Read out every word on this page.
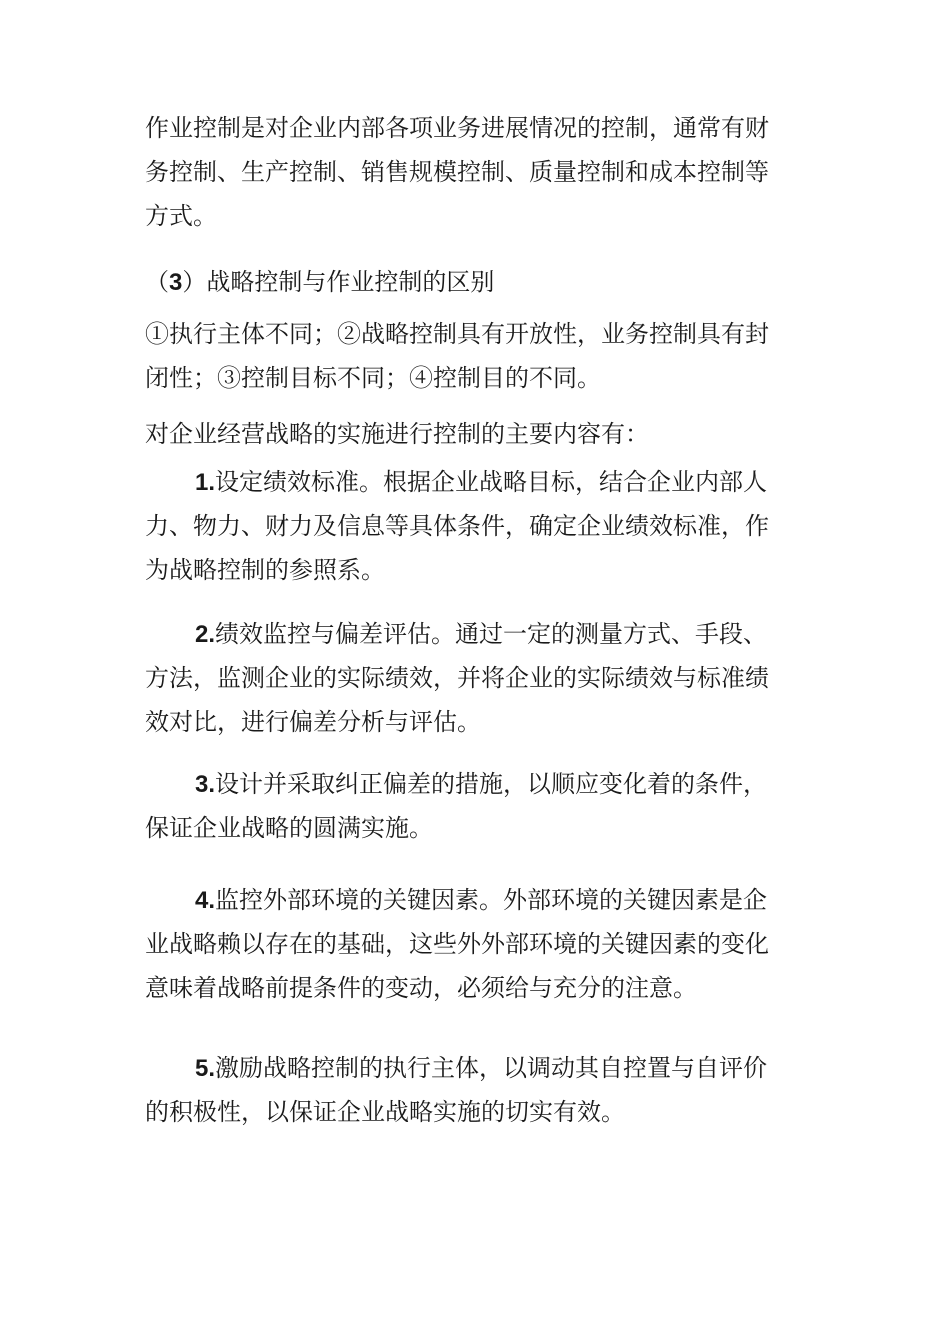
作业控制是对企业内部各项业务进展情况的控制，通常有财
务控制、生产控制、销售规模控制、质量控制和成本控制等
方式。
（3）战略控制与作业控制的区别
①执行主体不同；②战略控制具有开放性，业务控制具有封
闭性；③控制目标不同；④控制目的不同。
对企业经营战略的实施进行控制的主要内容有：
1.设定绩效标准。根据企业战略目标，结合企业内部人
力、物力、财力及信息等具体条件，确定企业绩效标准，作
为战略控制的参照系。
2.绩效监控与偏差评估。通过一定的测量方式、手段、
方法，监测企业的实际绩效，并将企业的实际绩效与标准绩
效对比，进行偏差分析与评估。
3.设计并采取纠正偏差的措施，以顺应变化着的条件，
保证企业战略的圆满实施。
4.监控外部环境的关键因素。外部环境的关键因素是企
业战略赖以存在的基础，这些外外部环境的关键因素的变化
意味着战略前提条件的变动，必须给与充分的注意。
5.激励战略控制的执行主体，以调动其自控置与自评价
的积极性，以保证企业战略实施的切实有效。
